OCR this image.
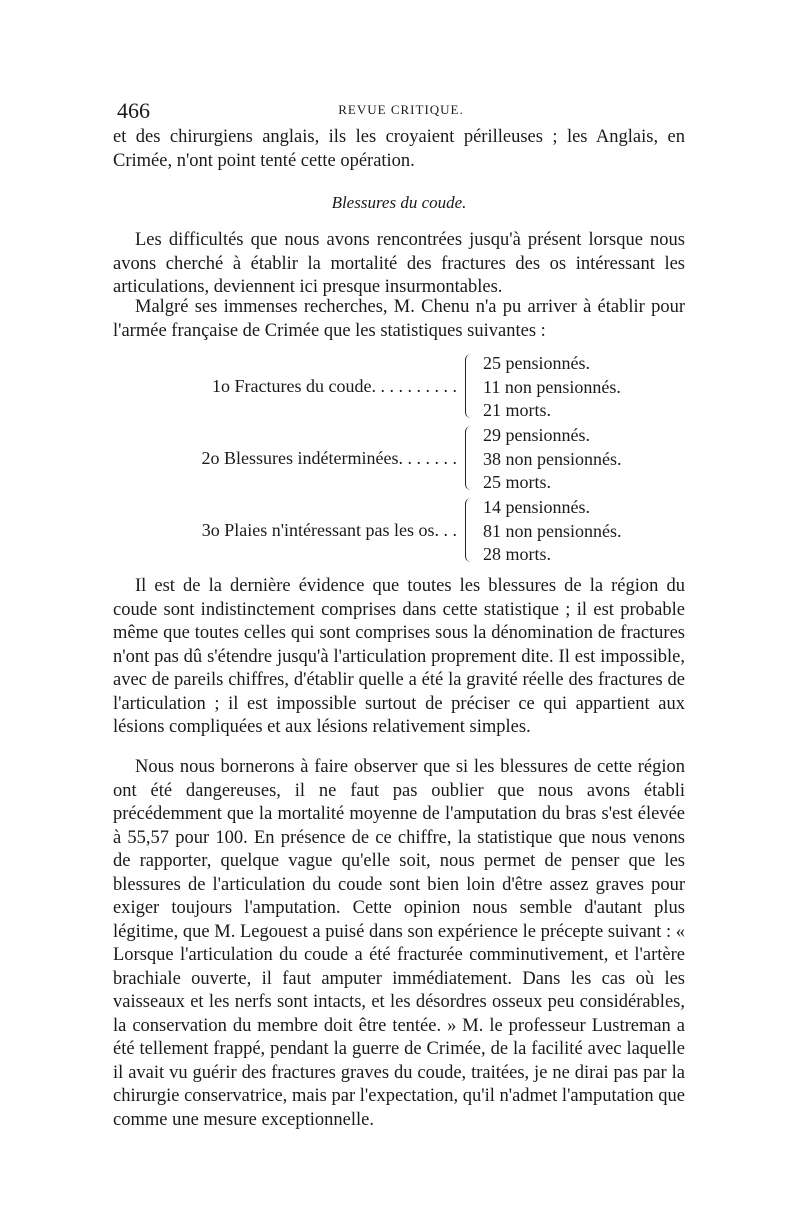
466	REVUE CRITIQUE.
et des chirurgiens anglais, ils les croyaient périlleuses ; les Anglais, en Crimée, n'ont point tenté cette opération.
Blessures du coude.
Les difficultés que nous avons rencontrées jusqu'à présent lorsque nous avons cherché à établir la mortalité des fractures des os intéressant les articulations, deviennent ici presque insurmontables.
Malgré ses immenses recherches, M. Chenu n'a pu arriver à établir pour l'armée française de Crimée que les statistiques suivantes :
1o Fractures du coude. . . . . . . . . .
25 pensionnés.
11 non pensionnés.
21 morts.
2o Blessures indéterminées. . . . . . .
29 pensionnés.
38 non pensionnés.
25 morts.
3o Plaies n'intéressant pas les os. . .
14 pensionnés.
81 non pensionnés.
28 morts.
Il est de la dernière évidence que toutes les blessures de la région du coude sont indistinctement comprises dans cette statistique ; il est probable même que toutes celles qui sont comprises sous la dénomination de fractures n'ont pas dû s'étendre jusqu'à l'articulation proprement dite. Il est impossible, avec de pareils chiffres, d'établir quelle a été la gravité réelle des fractures de l'articulation ; il est impossible surtout de préciser ce qui appartient aux lésions compliquées et aux lésions relativement simples.
Nous nous bornerons à faire observer que si les blessures de cette région ont été dangereuses, il ne faut pas oublier que nous avons établi précédemment que la mortalité moyenne de l'amputation du bras s'est élevée à 55,57 pour 100. En présence de ce chiffre, la statistique que nous venons de rapporter, quelque vague qu'elle soit, nous permet de penser que les blessures de l'articulation du coude sont bien loin d'être assez graves pour exiger toujours l'amputation. Cette opinion nous semble d'autant plus légitime, que M. Legouest a puisé dans son expérience le précepte suivant : « Lorsque l'articulation du coude a été fracturée comminutivement, et l'artère brachiale ouverte, il faut amputer immédiatement. Dans les cas où les vaisseaux et les nerfs sont intacts, et les désordres osseux peu considérables, la conservation du membre doit être tentée. » M. le professeur Lustreman a été tellement frappé, pendant la guerre de Crimée, de la facilité avec laquelle il avait vu guérir des fractures graves du coude, traitées, je ne dirai pas par la chirurgie conservatrice, mais par l'expectation, qu'il n'admet l'amputation que comme une mesure exceptionnelle.
